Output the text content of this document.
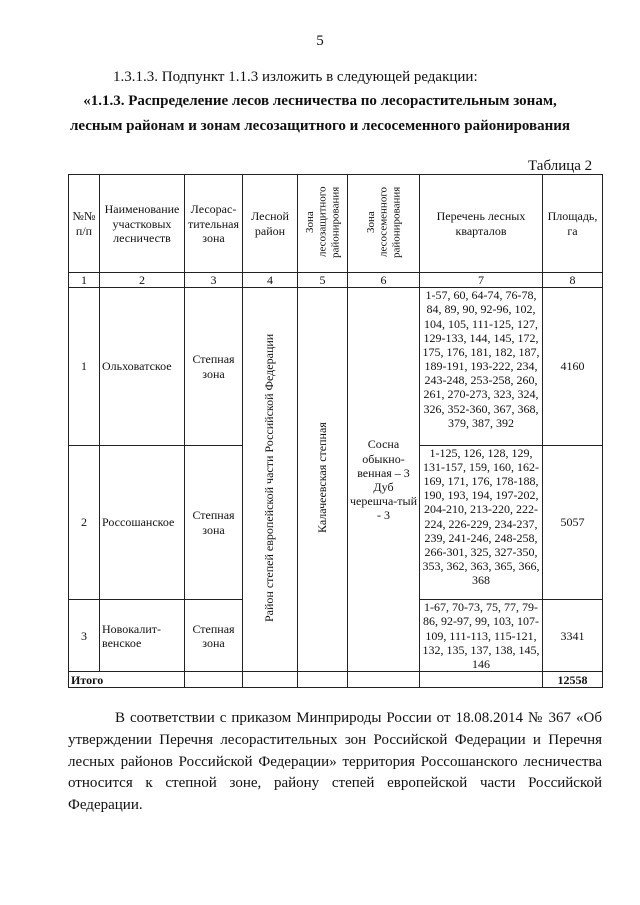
5
1.3.1.3. Подпункт 1.1.3 изложить в следующей редакции:
«1.1.3. Распределение лесов лесничества по лесорастительным зонам,
лесным районам и зонам лесозащитного и лесосеменного районирования
Таблица 2
№№ п/п	Наименование участковых лесничеств	Лесорас-тительная зона	Лесной район	Зона лесозащитного районирования	Зона лесосеменного районирования	Перечень лесных кварталов	Площадь, га
1	2	3	4	5	6	7	8
1	Ольховатское	Степная зона	Район степей европейской части Российской Федерации	Калачеевская степная	Сосна обыкно-венная – 3 Дуб черешча-тый - 3	1-57, 60, 64-74, 76-78, 84, 89, 90, 92-96, 102, 104, 105, 111-125, 127, 129-133, 144, 145, 172, 175, 176, 181, 182, 187, 189-191, 193-222, 234, 243-248, 253-258, 260, 261, 270-273, 323, 324, 326, 352-360, 367, 368, 379, 387, 392	4160
2	Россошанское	Степная зона				1-125, 126, 128, 129, 131-157, 159, 160, 162-169, 171, 176, 178-188, 190, 193, 194, 197-202, 204-210, 213-220, 222-224, 226-229, 234-237, 239, 241-246, 248-258, 266-301, 325, 327-350, 353, 362, 363, 365, 366, 368	5057
3	Новокалит-венское	Степная зона				1-67, 70-73, 75, 77, 79-86, 92-97, 99, 103, 107-109, 111-113, 115-121, 132, 135, 137, 138, 145, 146	3341
Итого							12558
В соответствии с приказом Минприроды России от 18.08.2014 № 367 «Об утверждении Перечня лесорастительных зон Российской Федерации и Перечня лесных районов Российской Федерации» территория Россошанского лесничества относится к степной зоне, району степей европейской части Российской Федерации.
